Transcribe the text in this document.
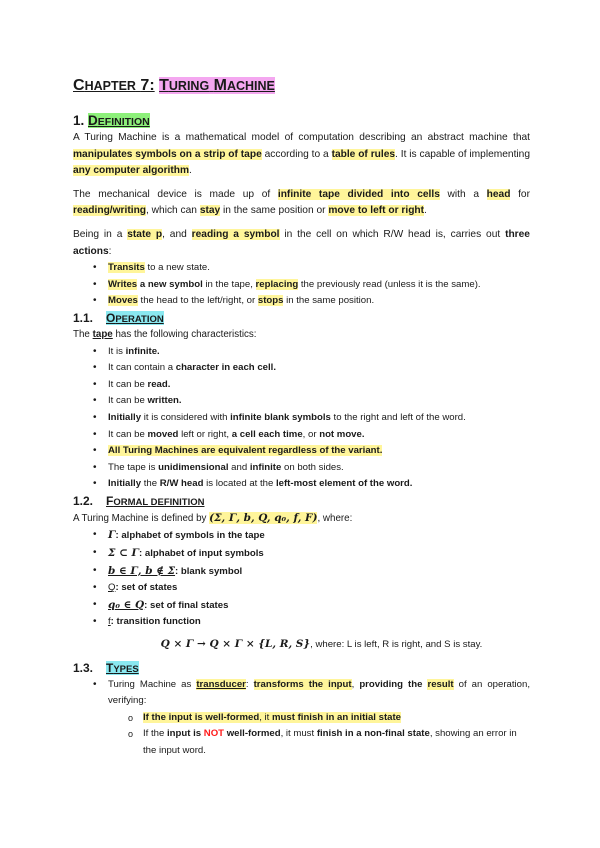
CHAPTER 7: TURING MACHINE
1. DEFINITION

A Turing Machine is a mathematical model of computation describing an abstract machine that manipulates symbols on a strip of tape according to a table of rules. It is capable of implementing any computer algorithm.

The mechanical device is made up of infinite tape divided into cells with a head for reading/writing, which can stay in the same position or move to left or right.

Being in a state p, and reading a symbol in the cell on which R/W head is, carries out three actions:

• Transits to a new state.
• Writes a new symbol in the tape, replacing the previously read (unless it is the same).
• Moves the head to the left/right, or stops in the same position.
1.1. OPERATION

The tape has the following characteristics:

• It is infinite.
• It can contain a character in each cell.
• It can be read.
• It can be written.
• Initially it is considered with infinite blank symbols to the right and left of the word.
• It can be moved left or right, a cell each time, or not move.
• All Turing Machines are equivalent regardless of the variant.
• The tape is unidimensional and infinite on both sides.
• Initially the R/W head is located at the left-most element of the word.
1.2. FORMAL DEFINITION

A Turing Machine is defined by (Σ, Γ, b, Q, q₀, f, F), where:

• Γ: alphabet of symbols in the tape
• Σ ⊂ Γ: alphabet of input symbols
• b ∈ Γ, b ∉ Σ: blank symbol
• Q: set of states
• q₀ ∈ Q: set of final states
• f: transition function
Q × Γ → Q × Γ × {L, R, S}, where: L is left, R is right, and S is stay.
1.3. TYPES
• Turing Machine as transducer: transforms the input, providing the result of an operation, verifying:
o If the input is well-formed, it must finish in an initial state
o If the input is NOT well-formed, it must finish in a non-final state, showing an error in the input word.
